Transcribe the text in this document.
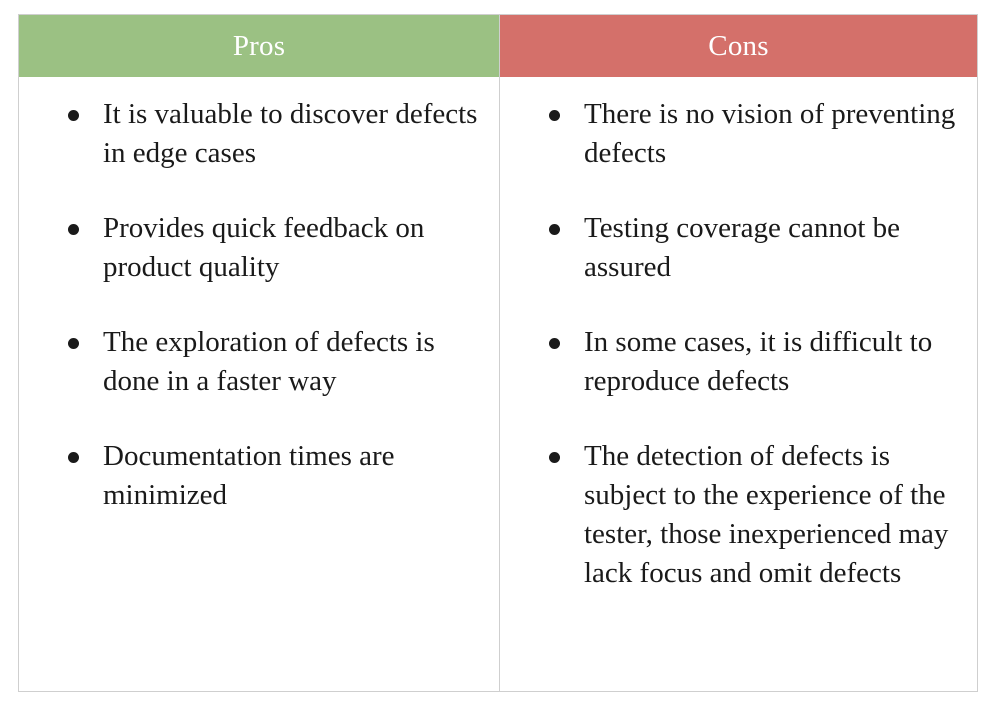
Pros	Cons
It is valuable to discover defects in edge cases
Provides quick feedback on product quality
The exploration of defects is done in a faster way
Documentation times are minimized
There is no vision of preventing defects
Testing coverage cannot be assured
In some cases, it is difficult to reproduce defects
The detection of defects is subject to the experience of the tester, those inexperienced may lack focus and omit defects
